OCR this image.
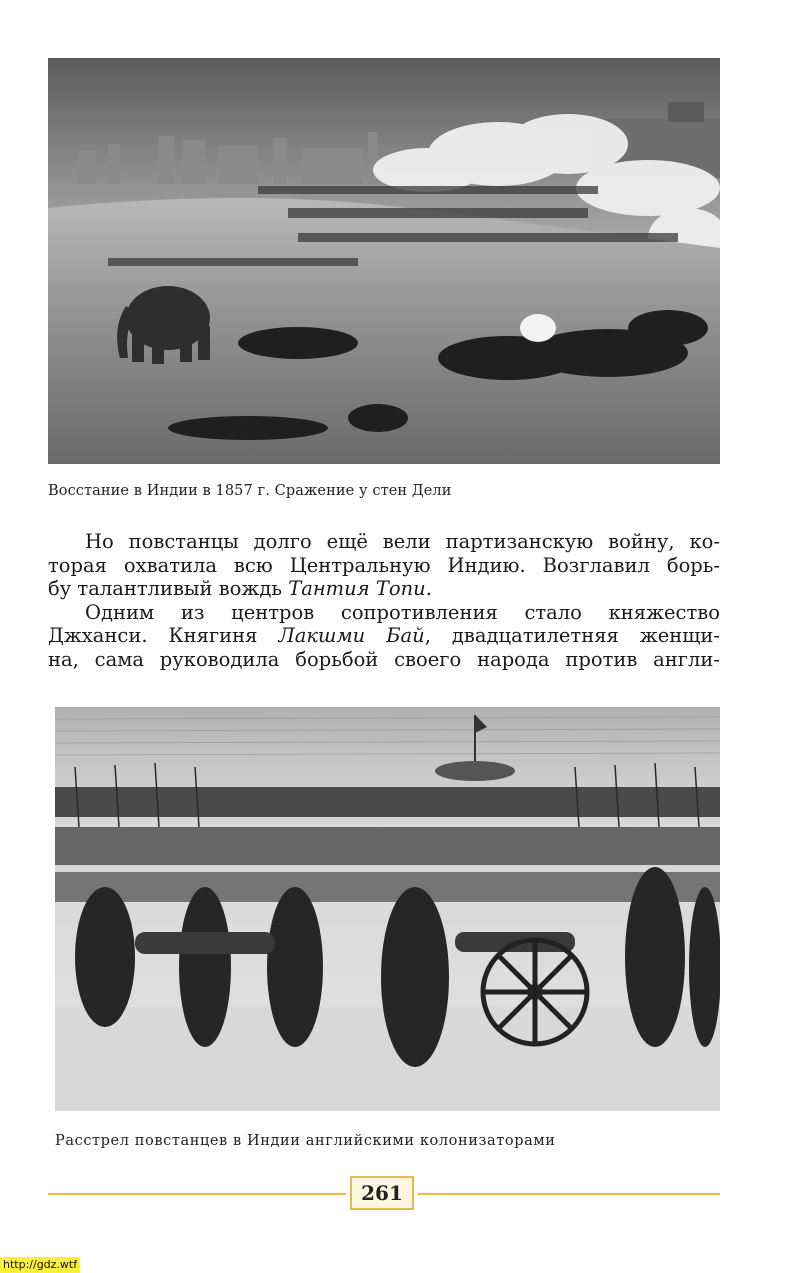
Восстание в Индии в 1857 г. Сражение у стен Дели
Но повстанцы долго ещё вели партизанскую войну, ко-
торая охватила всю Центральную Индию. Возглавил борь-
бу талантливый вождь Тантия Топи.
Одним из центров сопротивления стало княжество
Джханси. Княгиня Лакшми Бай, двадцатилетняя женщи-
на, сама руководила борьбой своего народа против англи-
Расстрел повстанцев в Индии английскими колонизаторами
261
http://gdz.wtf
